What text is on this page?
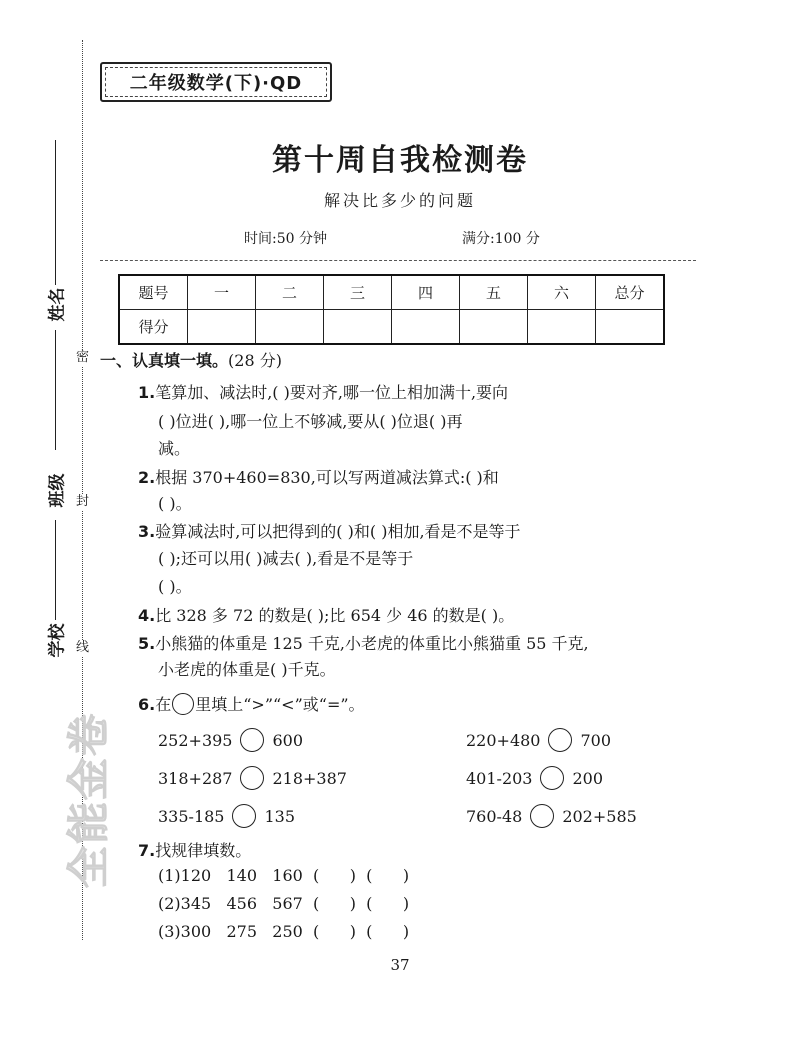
密
封
线
姓名
班级
学校
全能金卷
二年级数学(下)·QD
第十周自我检测卷
解决比多少的问题
时间:50 分钟	满分:100 分
题号	一	二	三	四	五	六	总分
得分							
一、认真填一填。(28 分)
1.笔算加、减法时,( )要对齐,哪一位上相加满十,要向
( )位进( ),哪一位上不够减,要从( )位退( )再
减。
2.根据 370+460=830,可以写两道减法算式:( )和
( )。
3.验算减法时,可以把得到的( )和( )相加,看是不是等于
( );还可以用( )减去( ),看是不是等于
( )。
4.比 328 多 72 的数是( );比 654 少 46 的数是( )。
5.小熊猫的体重是 125 千克,小老虎的体重比小熊猫重 55 千克,
小老虎的体重是( )千克。
6.在 里填上“>”“<”或“=”。
252+395	600	220+480	700
318+287	218+387	401-203	200
335-185	135	760-48	202+585
7.找规律填数。
(1)120   140   160  (      )  (      )
(2)345   456   567  (      )  (      )
(3)300   275   250  (      )  (      )
37
